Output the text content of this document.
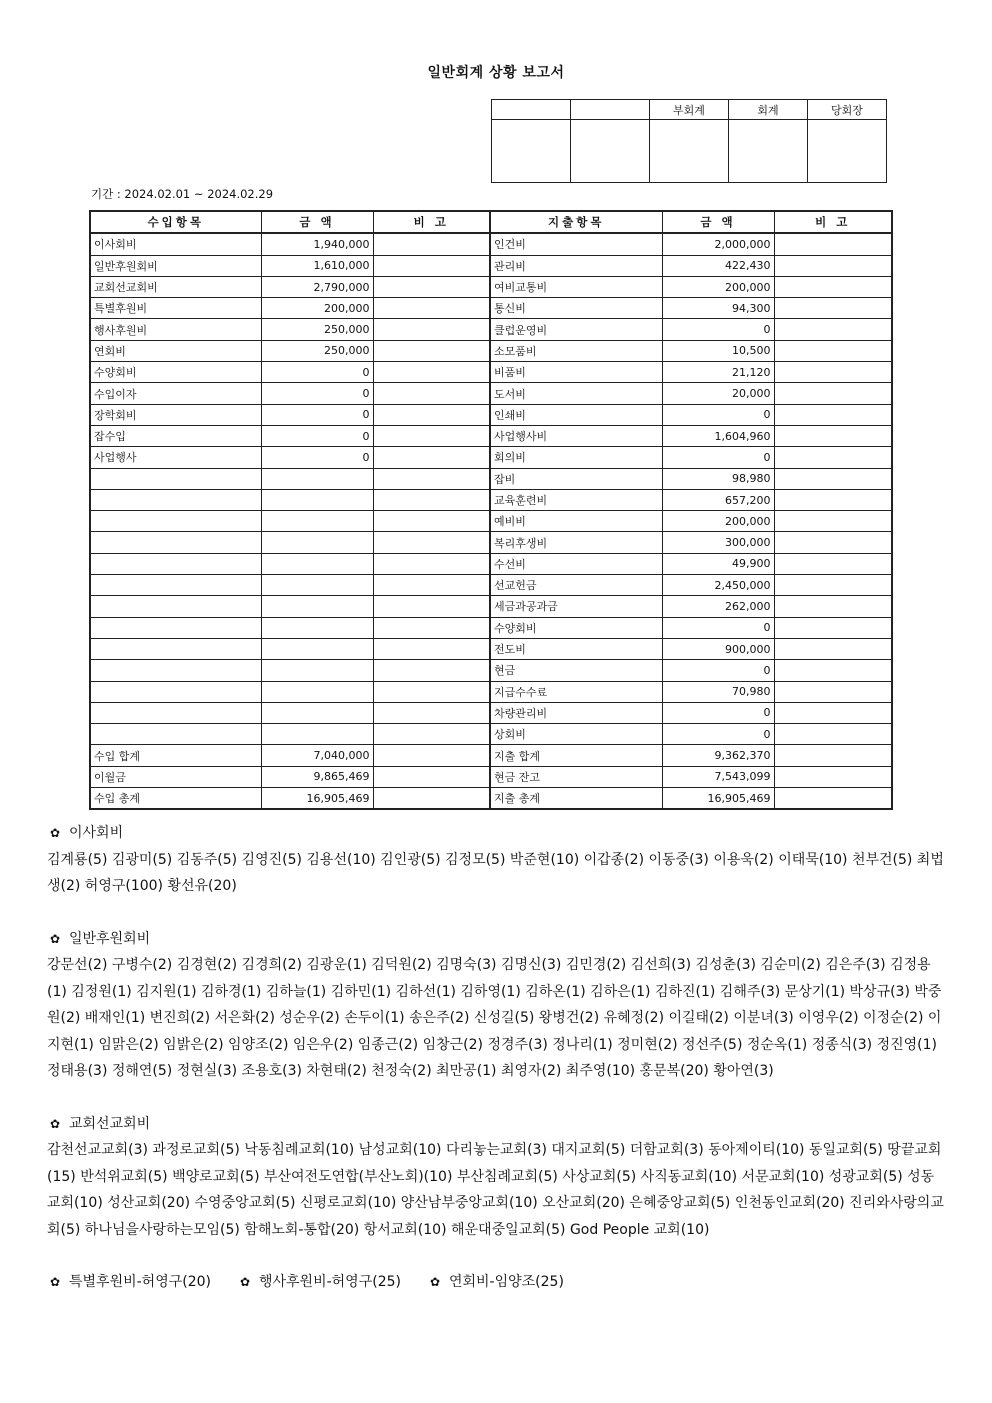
일반회계 상황 보고서
		부회계	회계	당회장

기간 : 2024.02.01 ~ 2024.02.29
수입항목	금 액	비 고	지출항목	금 액	비 고
이사회비	1,940,000		인건비	2,000,000	
일반후원회비	1,610,000		관리비	422,430	
교회선교회비	2,790,000		여비교통비	200,000	
특별후원비	200,000		통신비	94,300	
행사후원비	250,000		클럽운영비	0	
연회비	250,000		소모품비	10,500	
수양회비	0		비품비	21,120	
수입이자	0		도서비	20,000	
장학회비	0		인쇄비	0	
잡수입	0		사업행사비	1,604,960	
사업행사	0		회의비	0	
			잡비	98,980	
			교육훈련비	657,200	
			예비비	200,000	
			복리후생비	300,000	
			수선비	49,900	
			선교헌금	2,450,000	
			세금과공과금	262,000	
			수양회비	0	
			전도비	900,000	
			현금	0	
			지급수수료	70,980	
			차량관리비	0	
			상회비	0	
수입 합계	7,040,000		지출 합계	9,362,370	
이월금	9,865,469		현금 잔고	7,543,099	
수입 총계	16,905,469		지출 총계	16,905,469	
✿ 이사회비
김계룡(5) 김광미(5) 김동주(5) 김영진(5) 김용선(10) 김인광(5) 김정모(5) 박준현(10) 이갑종(2) 이동중(3) 이용욱(2) 이태묵(10) 천부건(5) 최법생(2) 허영구(100) 황선유(20)
✿ 일반후원회비
강문선(2) 구병수(2) 김경현(2) 김경희(2) 김광운(1) 김덕원(2) 김명숙(3) 김명신(3) 김민경(2) 김선희(3) 김성춘(3) 김순미(2) 김은주(3) 김정용(1) 김정원(1) 김지원(1) 김하경(1) 김하늘(1) 김하민(1) 김하선(1) 김하영(1) 김하온(1) 김하은(1) 김하진(1) 김해주(3) 문상기(1) 박상규(3) 박중원(2) 배재인(1) 변진희(2) 서은화(2) 성순우(2) 손두이(1) 송은주(2) 신성길(5) 왕병건(2) 유혜정(2) 이길태(2) 이분녀(3) 이영우(2) 이정순(2) 이지현(1) 임맑은(2) 임밝은(2) 임양조(2) 임은우(2) 임종근(2) 임창근(2) 정경주(3) 정나리(1) 정미현(2) 정선주(5) 정순옥(1) 정종식(3) 정진영(1) 정태용(3) 정해연(5) 정현실(3) 조용호(3) 차현태(2) 천정숙(2) 최만공(1) 최영자(2) 최주영(10) 홍문복(20) 황아연(3)
✿ 교회선교회비
감천선교교회(3) 과정로교회(5) 낙동침례교회(10) 남성교회(10) 다리놓는교회(3) 대지교회(5) 더함교회(3) 동아제이티(10) 동일교회(5) 땅끝교회(15) 반석위교회(5) 백양로교회(5) 부산여전도연합(부산노회)(10) 부산침례교회(5) 사상교회(5) 사직동교회(10) 서문교회(10) 성광교회(5) 성동교회(10) 성산교회(20) 수영중앙교회(5) 신평로교회(10) 양산남부중앙교회(10) 오산교회(20) 은혜중앙교회(5) 인천동인교회(20) 진리와사랑의교회(5) 하나님을사랑하는모임(5) 함해노회-통합(20) 항서교회(10) 해운대중일교회(5) God People 교회(10)
✿ 특별후원비-허영구(20) ✿ 행사후원비-허영구(25) ✿ 연회비-임양조(25)
